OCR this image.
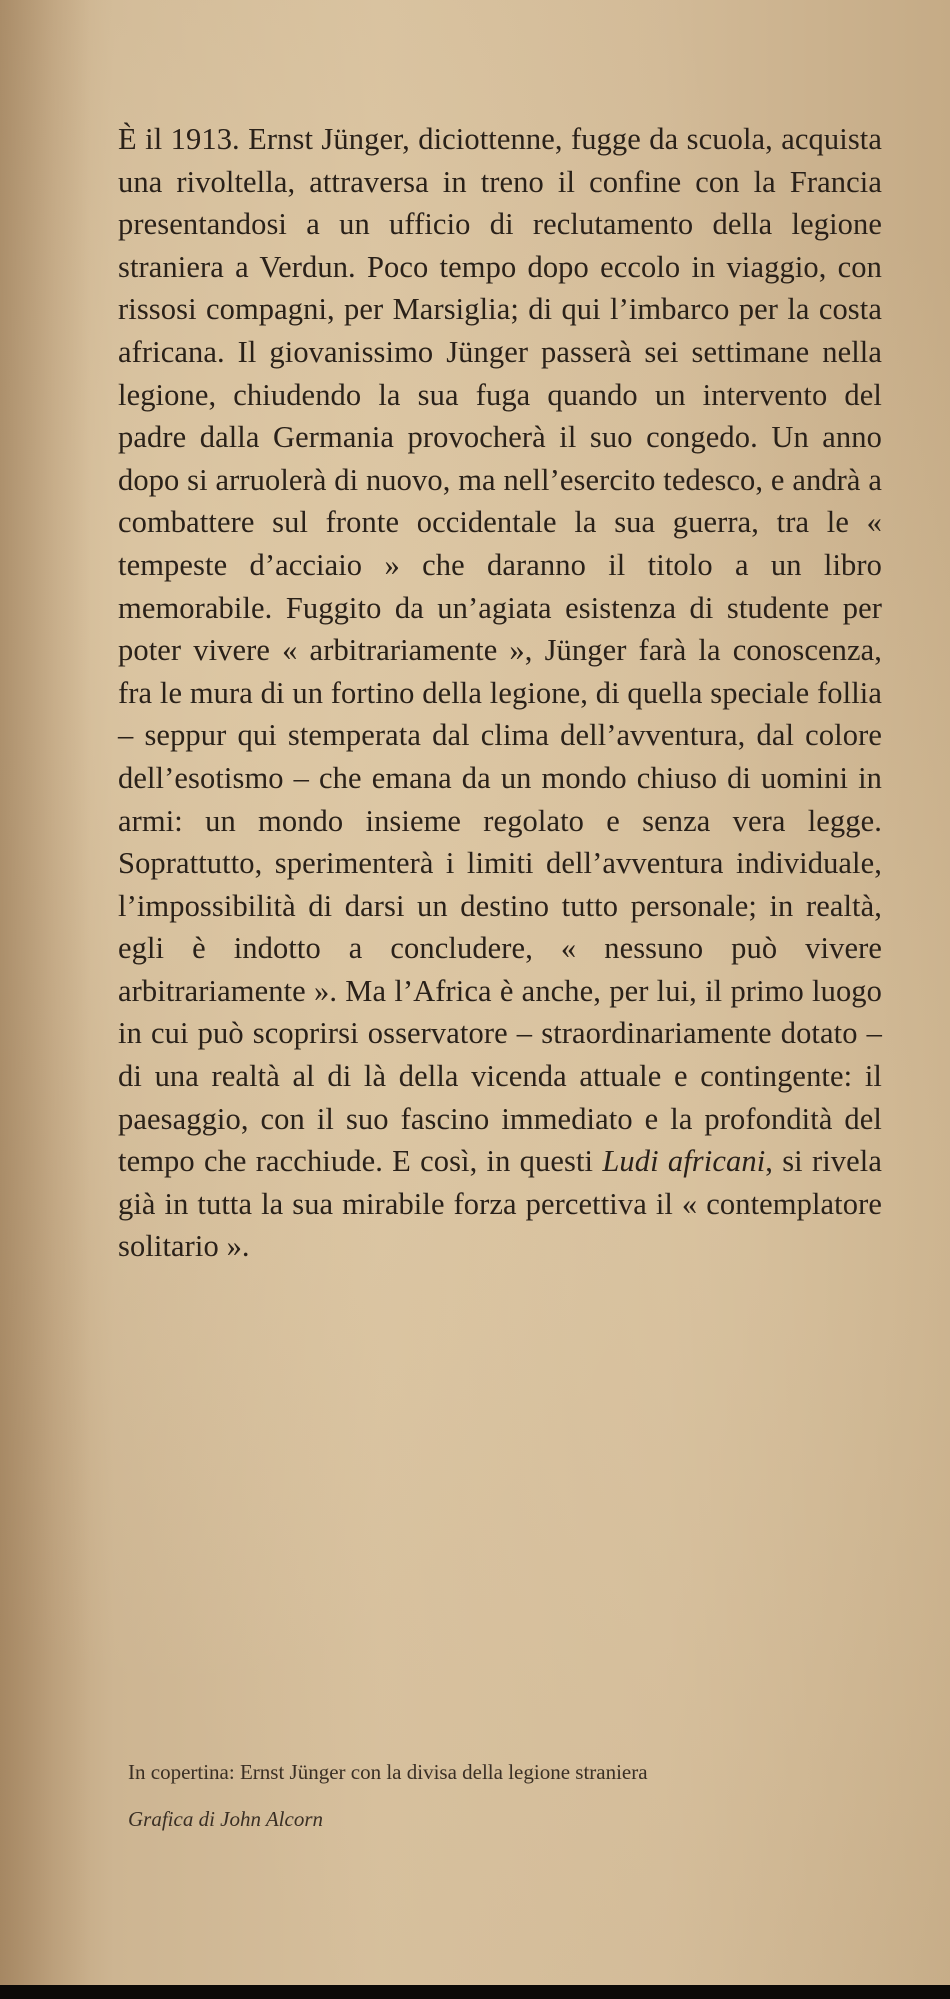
È il 1913. Ernst Jünger, diciottenne, fugge da scuola, acquista una rivoltella, attraversa in treno il confine con la Francia presentandosi a un ufficio di reclutamento della legione straniera a Verdun. Poco tempo dopo eccolo in viaggio, con rissosi compagni, per Marsiglia; di qui l’imbarco per la costa africana. Il giovanissimo Jünger passerà sei settimane nella legione, chiudendo la sua fuga quando un intervento del padre dalla Germania provocherà il suo congedo. Un anno dopo si arruolerà di nuovo, ma nell’esercito tedesco, e andrà a combattere sul fronte occidentale la sua guerra, tra le « tempeste d’acciaio » che daranno il titolo a un libro memorabile. Fuggito da un’agiata esistenza di studente per poter vivere « arbitrariamente », Jünger farà la conoscenza, fra le mura di un fortino della legione, di quella speciale follia – seppur qui stemperata dal clima dell’avventura, dal colore dell’esotismo – che emana da un mondo chiuso di uomini in armi: un mondo insieme regolato e senza vera legge. Soprattutto, sperimenterà i limiti dell’avventura individuale, l’impossibilità di darsi un destino tutto personale; in realtà, egli è indotto a concludere, « nessuno può vivere arbitrariamente ». Ma l’Africa è anche, per lui, il primo luogo in cui può scoprirsi osservatore – straordinariamente dotato – di una realtà al di là della vicenda attuale e contingente: il paesaggio, con il suo fascino immediato e la profondità del tempo che racchiude. E così, in questi Ludi africani, si rivela già in tutta la sua mirabile forza percettiva il « contemplatore solitario ».

In copertina: Ernst Jünger con la divisa della legione straniera
Grafica di John Alcorn
